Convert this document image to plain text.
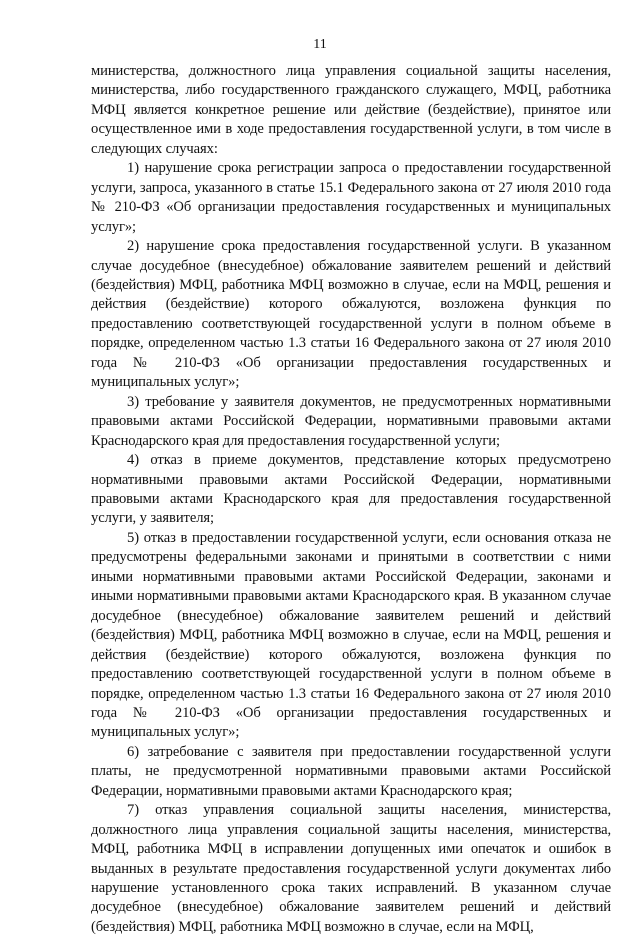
11

министерства, должностного лица управления социальной защиты населения, министерства, либо государственного гражданского служащего, МФЦ, работника МФЦ является конкретное решение или действие (бездействие), принятое или осуществленное ими в ходе предоставления государственной услуги, в том числе в следующих случаях:

1) нарушение срока регистрации запроса о предоставлении государственной услуги, запроса, указанного в статье 15.1 Федерального закона от 27 июля 2010 года № 210-ФЗ «Об организации предоставления государственных и муниципальных услуг»;

2) нарушение срока предоставления государственной услуги. В указанном случае досудебное (внесудебное) обжалование заявителем решений и действий (бездействия) МФЦ, работника МФЦ возможно в случае, если на МФЦ, решения и действия (бездействие) которого обжалуются, возложена функция по предоставлению соответствующей государственной услуги в полном объеме в порядке, определенном частью 1.3 статьи 16 Федерального закона от 27 июля 2010 года № 210-ФЗ «Об организации предоставления государственных и муниципальных услуг»;

3) требование у заявителя документов, не предусмотренных нормативными правовыми актами Российской Федерации, нормативными правовыми актами Краснодарского края для предоставления государственной услуги;

4) отказ в приеме документов, представление которых предусмотрено нормативными правовыми актами Российской Федерации, нормативными правовыми актами Краснодарского края для предоставления государственной услуги, у заявителя;

5) отказ в предоставлении государственной услуги, если основания отказа не предусмотрены федеральными законами и принятыми в соответствии с ними иными нормативными правовыми актами Российской Федерации, законами и иными нормативными правовыми актами Краснодарского края. В указанном случае досудебное (внесудебное) обжалование заявителем решений и действий (бездействия) МФЦ, работника МФЦ возможно в случае, если на МФЦ, решения и действия (бездействие) которого обжалуются, возложена функция по предоставлению соответствующей государственной услуги в полном объеме в порядке, определенном частью 1.3 статьи 16 Федерального закона от 27 июля 2010 года № 210-ФЗ «Об организации предоставления государственных и муниципальных услуг»;

6) затребование с заявителя при предоставлении государственной услуги платы, не предусмотренной нормативными правовыми актами Российской Федерации, нормативными правовыми актами Краснодарского края;

7) отказ управления социальной защиты населения, министерства, должностного лица управления социальной защиты населения, министерства, МФЦ, работника МФЦ в исправлении допущенных ими опечаток и ошибок в выданных в результате предоставления государственной услуги документах либо нарушение установленного срока таких исправлений. В указанном случае досудебное (внесудебное) обжалование заявителем решений и действий (бездействия) МФЦ, работника МФЦ возможно в случае, если на МФЦ,
